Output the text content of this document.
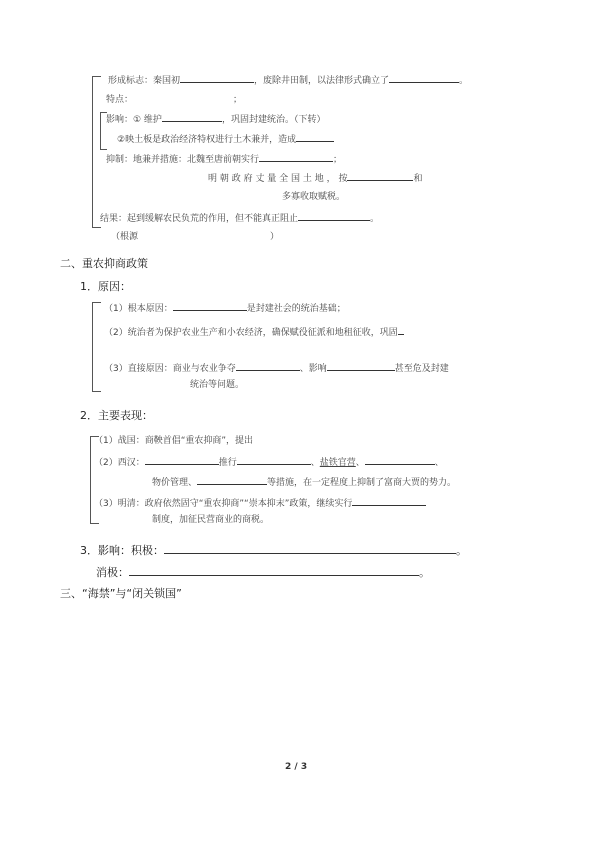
形成标志：秦国初	，废除井田制，以法律形式确立了	。
特点：	；
影响：① 维护	，巩固封建统治。（下转）
②映土板是政治经济特权进行土木兼并，造成
抑制：地兼并措施：北魏至唐前朝实行	；
明 朝 政 府 丈 量 全 国 土 地 ， 按	和
多寡收取赋税。
结果：起到缓解农民负荒的作用，但不能真正阻止	。
（根源	）
二、重农抑商政策
1．原因：
（1）根本原因：	是封建社会的统治基础；
（2）统治者为保护农业生产和小农经济，确保赋役征派和地租征收，巩固
（3）直接原因：商业与农业争夺	、影响	甚至危及封建
统治等问题。
2．主要表现：
（1）战国：商鞅首倡“重农抑商”，提出
（2）西汉：	推行	、盐铁官营、	、
物价管理、	等措施，在一定程度上抑制了富商大贾的势力。
（3）明清：政府依然固守“重农抑商”“崇本抑末”政策，继续实行
制度，加征民营商业的商税。
3．影响：积极：	。
消极：	。
三、“海禁”与“闭关锁国”
2 / 3
